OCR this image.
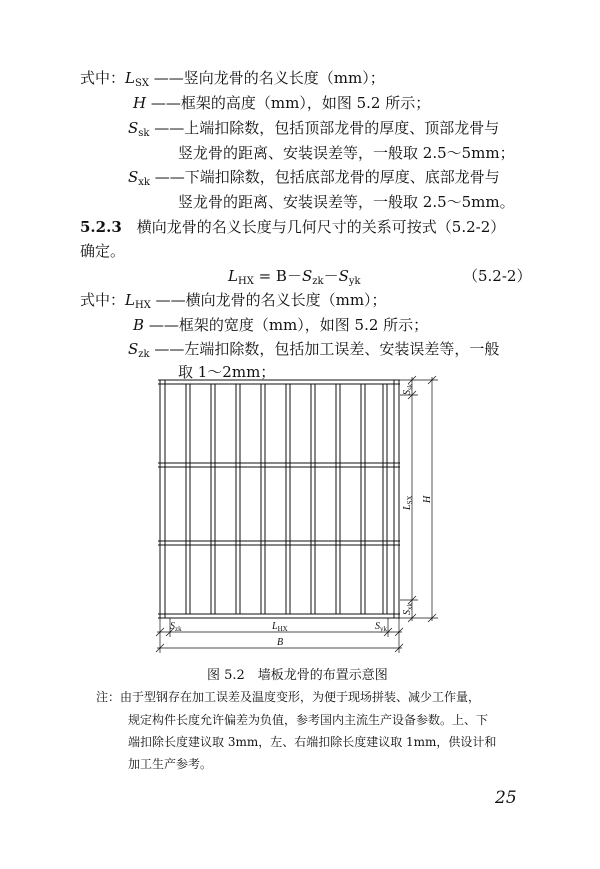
式中：$L_{SX}$ ——竖向龙骨的名义长度（mm）；
H ——框架的高度（mm），如图 5.2 所示；
$S_{sk}$ ——上端扣除数，包括顶部龙骨的厚度、顶部龙骨与
竖龙骨的距离、安装误差等，一般取 2.5～5mm；
$S_{xk}$ ——下端扣除数，包括底部龙骨的厚度、底部龙骨与
竖龙骨的距离、安装误差等，一般取 2.5～5mm。
5.2.3　 横向龙骨的名义长度与几何尺寸的关系可按式（5.2-2）
确定。
$L_{HX} = B-S_{zk}-S_{yk}$	（5.2-2）
式中：$L_{HX}$ ——横向龙骨的名义长度（mm）；
B ——框架的宽度（mm），如图 5.2 所示；
$S_{zk}$ ——左端扣除数，包括加工误差、安装误差等，一般
取 1～2mm；
$S_{sk}$
$L_{SX}$ H
$S_{xk}$
$S_{zk}$	$L_{HX}$	$S_{yk}$
B
图 5.2　墙板龙骨的布置示意图
注：由于型钢存在加工误差及温度变形，为便于现场拼装、减少工作量，
规定构件长度允许偏差为负值，参考国内主流生产设备参数。上、下
端扣除长度建议取 3mm，左、右端扣除长度建议取 1mm，供设计和
加工生产参考。
25
